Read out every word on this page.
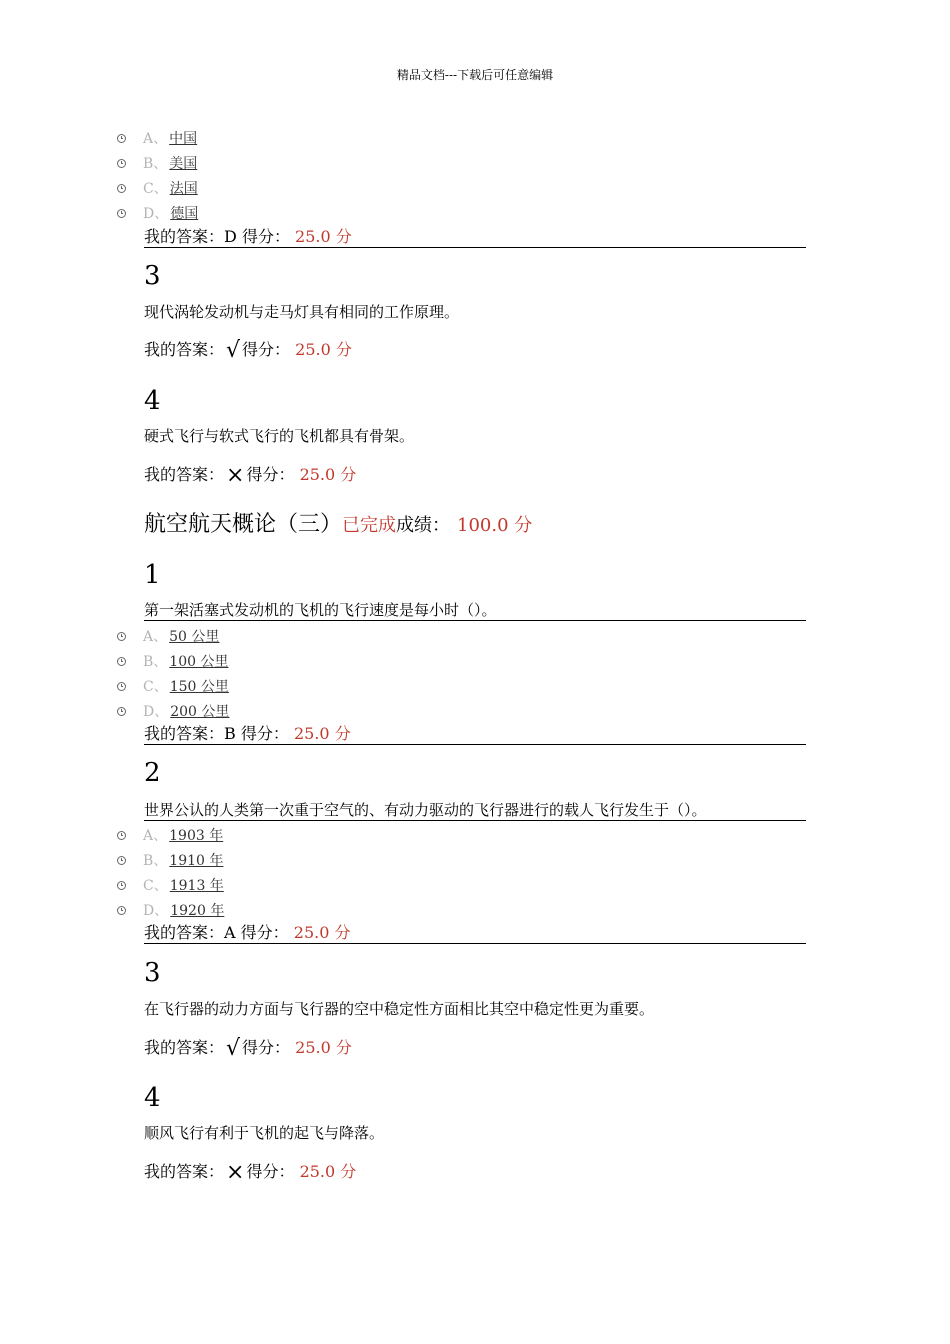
精品文档---下载后可任意编辑
A、 中国
B、 美国
C、 法国
D、 德国
我的答案：D 得分： 25.0 分
3
现代涡轮发动机与走马灯具有相同的工作原理。
我的答案：√ 得分： 25.0 分
4
硬式飞行与软式飞行的飞机都具有骨架。
我的答案：× 得分： 25.0 分
航空航天概论（三）已完成成绩： 100.0 分
1
第一架活塞式发动机的飞机的飞行速度是每小时（）。
A、 50 公里
B、 100 公里
C、 150 公里
D、 200 公里
我的答案：B 得分： 25.0 分
2
世界公认的人类第一次重于空气的、有动力驱动的飞行器进行的载人飞行发生于（）。
A、 1903 年
B、 1910 年
C、 1913 年
D、 1920 年
我的答案：A 得分： 25.0 分
3
在飞行器的动力方面与飞行器的空中稳定性方面相比其空中稳定性更为重要。
我的答案：√ 得分： 25.0 分
4
顺风飞行有利于飞机的起飞与降落。
我的答案：× 得分： 25.0 分
